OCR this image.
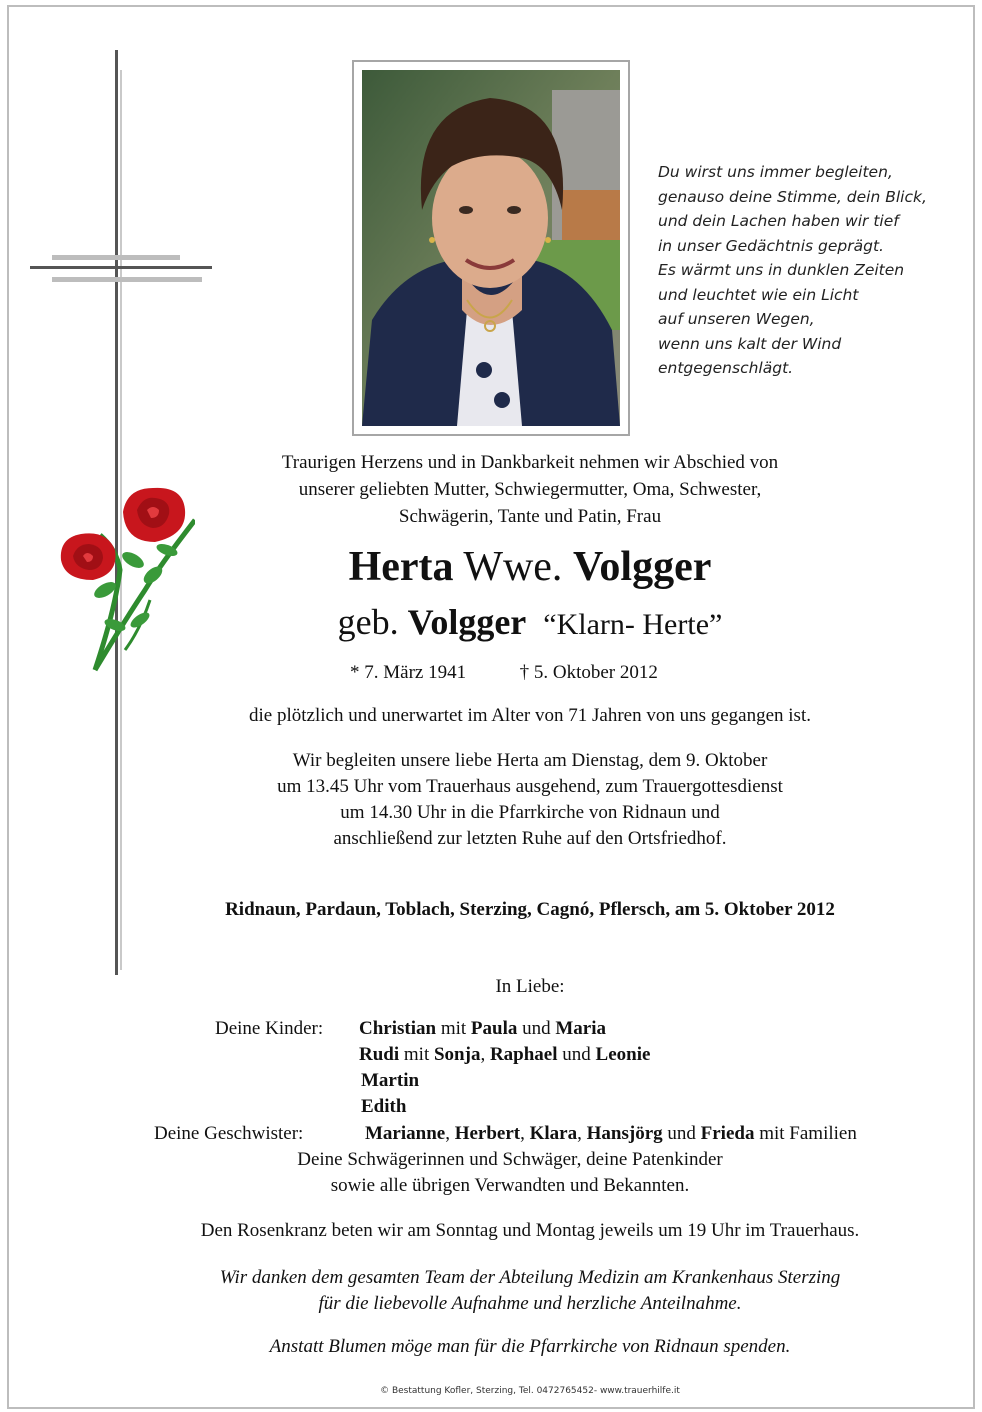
Du wirst uns immer begleiten,
genauso deine Stimme, dein Blick,
und dein Lachen haben wir tief
in unser Gedächtnis geprägt.
Es wärmt uns in dunklen Zeiten
und leuchtet wie ein Licht
auf unseren Wegen,
wenn uns kalt der Wind
entgegenschlägt.
Traurigen Herzens und in Dankbarkeit nehmen wir Abschied von
unserer geliebten Mutter, Schwiegermutter, Oma, Schwester,
Schwägerin, Tante und Patin, Frau
Herta Wwe. Volgger
geb. Volgger “Klarn- Herte”
* 7. März 1941	† 5. Oktober 2012
die plötzlich und unerwartet im Alter von 71 Jahren von uns gegangen ist.
Wir begleiten unsere liebe Herta am Dienstag, dem 9. Oktober
um 13.45 Uhr vom Trauerhaus ausgehend, zum Trauergottesdienst
um 14.30 Uhr in die Pfarrkirche von Ridnaun und
anschließend zur letzten Ruhe auf den Ortsfriedhof.
Ridnaun, Pardaun, Toblach, Sterzing, Cagnó, Pflersch, am 5. Oktober 2012
In Liebe:
Deine Kinder: Christian mit Paula und Maria
Rudi mit Sonja, Raphael und Leonie
Martin
Edith
Deine Geschwister:	Marianne, Herbert, Klara, Hansjörg und Frieda mit Familien
Deine Schwägerinnen und Schwäger, deine Patenkinder
sowie alle übrigen Verwandten und Bekannten.
Den Rosenkranz beten wir am Sonntag und Montag jeweils um 19 Uhr im Trauerhaus.
Wir danken dem gesamten Team der Abteilung Medizin am Krankenhaus Sterzing
für die liebevolle Aufnahme und herzliche Anteilnahme.
Anstatt Blumen möge man für die Pfarrkirche von Ridnaun spenden.
© Bestattung Kofler, Sterzing, Tel. 0472765452- www.trauerhilfe.it
